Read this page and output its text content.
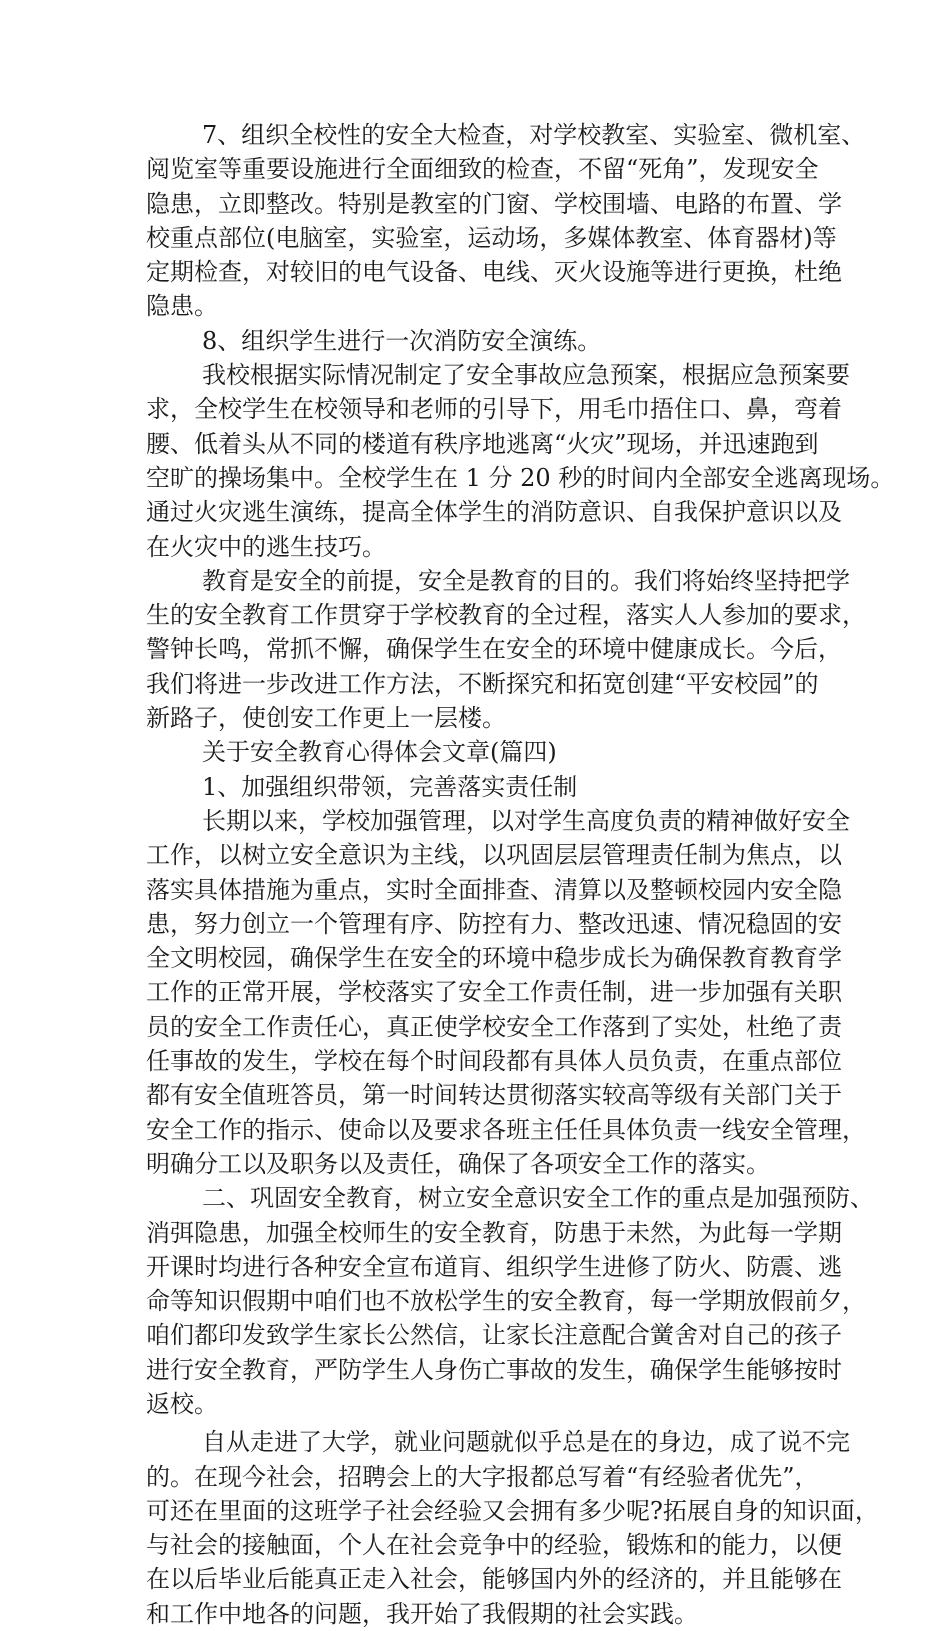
7、组织全校性的安全大检查，对学校教室、实验室、微机室、
阅览室等重要设施进行全面细致的检查，不留“死角”，发现安全
隐患，立即整改。特别是教室的门窗、学校围墙、电路的布置、学
校重点部位(电脑室，实验室，运动场，多媒体教室、体育器材)等
定期检查，对较旧的电气设备、电线、灭火设施等进行更换，杜绝
隐患。
8、组织学生进行一次消防安全演练。
我校根据实际情况制定了安全事故应急预案，根据应急预案要
求，全校学生在校领导和老师的引导下，用毛巾捂住口、鼻，弯着
腰、低着头从不同的楼道有秩序地逃离“火灾”现场，并迅速跑到
空旷的操场集中。全校学生在 1 分 20 秒的时间内全部安全逃离现场。
通过火灾逃生演练，提高全体学生的消防意识、自我保护意识以及
在火灾中的逃生技巧。
教育是安全的前提，安全是教育的目的。我们将始终坚持把学
生的安全教育工作贯穿于学校教育的全过程，落实人人参加的要求，
警钟长鸣，常抓不懈，确保学生在安全的环境中健康成长。今后，
我们将进一步改进工作方法，不断探究和拓宽创建“平安校园”的
新路子，使创安工作更上一层楼。
关于安全教育心得体会文章(篇四)
1、加强组织带领，完善落实责任制
长期以来，学校加强管理，以对学生高度负责的精神做好安全
工作，以树立安全意识为主线，以巩固层层管理责任制为焦点，以
落实具体措施为重点，实时全面排查、清算以及整顿校园内安全隐
患，努力创立一个管理有序、防控有力、整改迅速、情况稳固的安
全文明校园，确保学生在安全的环境中稳步成长为确保教育教育学
工作的正常开展，学校落实了安全工作责任制，进一步加强有关职
员的安全工作责任心，真正使学校安全工作落到了实处，杜绝了责
任事故的发生，学校在每个时间段都有具体人员负责，在重点部位
都有安全值班答员，第一时间转达贯彻落实较高等级有关部门关于
安全工作的指示、使命以及要求各班主任任具体负责一线安全管理，
明确分工以及职务以及责任，确保了各项安全工作的落实。
二、巩固安全教育，树立安全意识安全工作的重点是加强预防、
消弭隐患，加强全校师生的安全教育，防患于未然，为此每一学期
开课时均进行各种安全宣布道肓、组织学生进修了防火、防震、逃
命等知识假期中咱们也不放松学生的安全教育，每一学期放假前夕，
咱们都印发致学生家长公然信，让家长注意配合黉舍对自己的孩子
进行安全教育，严防学生人身伤亡事故的发生，确保学生能够按时
返校。
自从走进了大学，就业问题就似乎总是在的身边，成了说不完
的。在现今社会，招聘会上的大字报都总写着“有经验者优先”，
可还在里面的这班学子社会经验又会拥有多少呢?拓展自身的知识面，
与社会的接触面，个人在社会竞争中的经验，锻炼和的能力，以便
在以后毕业后能真正走入社会，能够国内外的经济的，并且能够在
和工作中地各的问题，我开始了我假期的社会实践。
